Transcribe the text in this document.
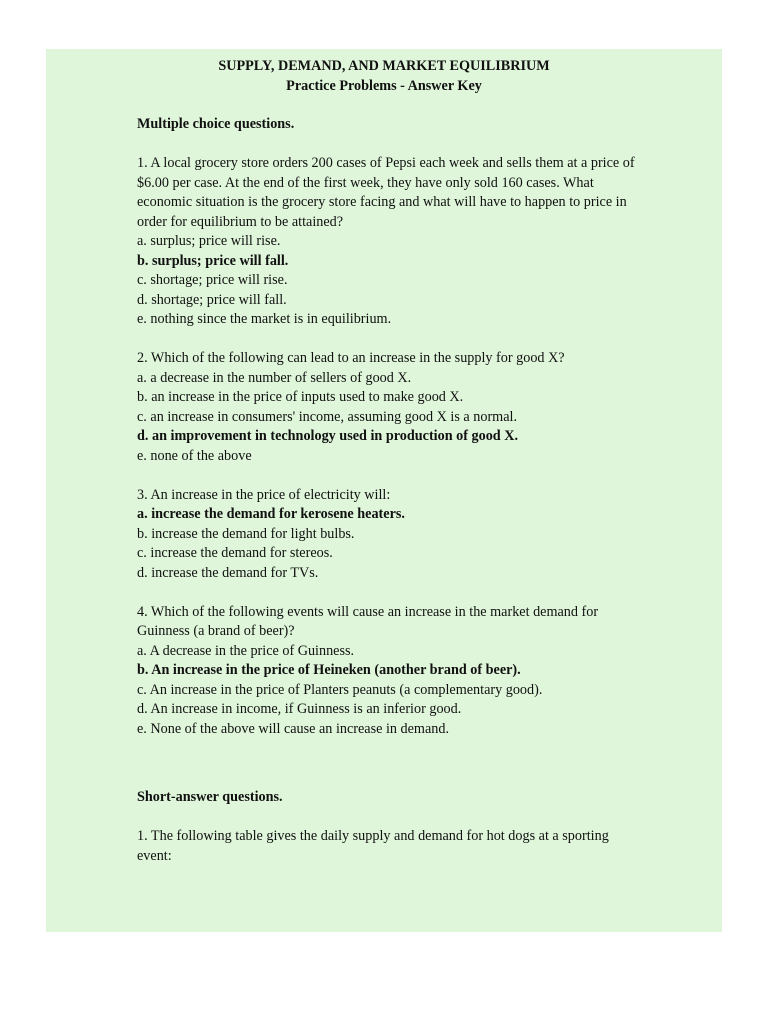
SUPPLY, DEMAND, AND MARKET EQUILIBRIUM

Practice Problems - Answer Key

Multiple choice questions.

1. A local grocery store orders 200 cases of Pepsi each week and sells them at a price of $6.00 per case. At the end of the first week, they have only sold 160 cases. What economic situation is the grocery store facing and what will have to happen to price in order for equilibrium to be attained?

a. surplus; price will rise.

b. surplus; price will fall.

c. shortage; price will rise.

d. shortage; price will fall.

e. nothing since the market is in equilibrium.

2. Which of the following can lead to an increase in the supply for good X?

a. a decrease in the number of sellers of good X.

b. an increase in the price of inputs used to make good X.

c. an increase in consumers' income, assuming good X is a normal.

d. an improvement in technology used in production of good X.

e. none of the above

3. An increase in the price of electricity will:

a. increase the demand for kerosene heaters.

b. increase the demand for light bulbs.

c. increase the demand for stereos.

d. increase the demand for TVs.

4. Which of the following events will cause an increase in the market demand for Guinness (a brand of beer)?

a. A decrease in the price of Guinness.

b. An increase in the price of Heineken (another brand of beer).

c. An increase in the price of Planters peanuts (a complementary good).

d. An increase in income, if Guinness is an inferior good.

e. None of the above will cause an increase in demand.

Short-answer questions.

1. The following table gives the daily supply and demand for hot dogs at a sporting event:
